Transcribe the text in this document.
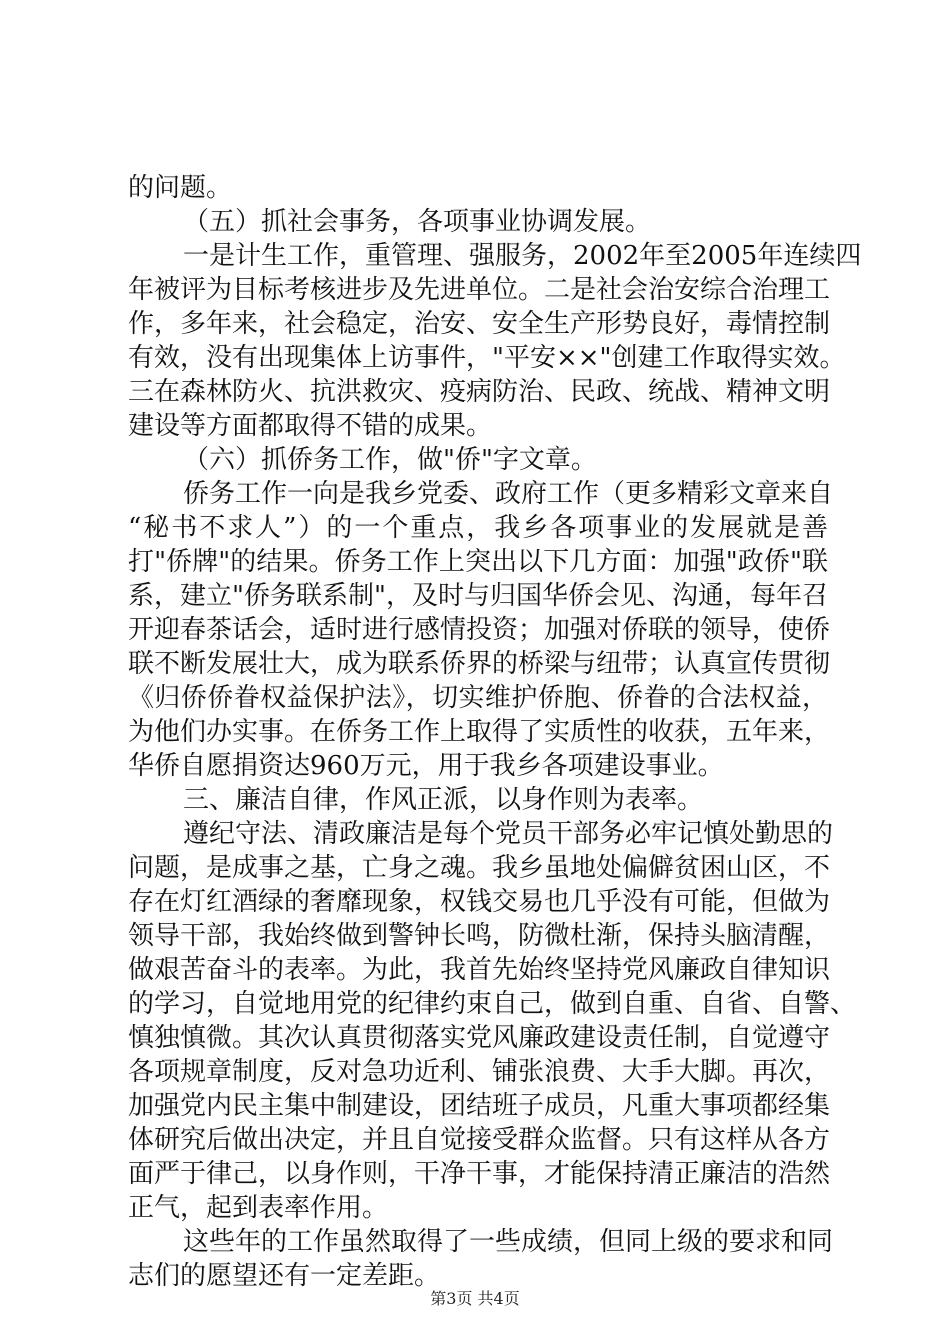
的问题。
（五）抓社会事务，各项事业协调发展。
一是计生工作，重管理、强服务，2002年至2005年连续四
年被评为目标考核进步及先进单位。二是社会治安综合治理工
作，多年来，社会稳定，治安、安全生产形势良好，毒情控制
有效，没有出现集体上访事件，"平安××"创建工作取得实效。
三在森林防火、抗洪救灾、疫病防治、民政、统战、精神文明
建设等方面都取得不错的成果。
（六）抓侨务工作，做"侨"字文章。
侨务工作一向是我乡党委、政府工作（更多精彩文章来自
“秘书不求人”）的一个重点，我乡各项事业的发展就是善
打"侨牌"的结果。侨务工作上突出以下几方面：加强"政侨"联
系，建立"侨务联系制"，及时与归国华侨会见、沟通，每年召
开迎春茶话会，适时进行感情投资；加强对侨联的领导，使侨
联不断发展壮大，成为联系侨界的桥梁与纽带；认真宣传贯彻
《归侨侨眷权益保护法》，切实维护侨胞、侨眷的合法权益，
为他们办实事。在侨务工作上取得了实质性的收获，五年来，
华侨自愿捐资达960万元，用于我乡各项建设事业。
三、廉洁自律，作风正派，以身作则为表率。
遵纪守法、清政廉洁是每个党员干部务必牢记慎处勤思的
问题，是成事之基，亡身之魂。我乡虽地处偏僻贫困山区，不
存在灯红酒绿的奢靡现象，权钱交易也几乎没有可能，但做为
领导干部，我始终做到警钟长鸣，防微杜渐，保持头脑清醒，
做艰苦奋斗的表率。为此，我首先始终坚持党风廉政自律知识
的学习，自觉地用党的纪律约束自己，做到自重、自省、自警、
慎独慎微。其次认真贯彻落实党风廉政建设责任制，自觉遵守
各项规章制度，反对急功近利、铺张浪费、大手大脚。再次，
加强党内民主集中制建设，团结班子成员，凡重大事项都经集
体研究后做出决定，并且自觉接受群众监督。只有这样从各方
面严于律己，以身作则，干净干事，才能保持清正廉洁的浩然
正气，起到表率作用。
这些年的工作虽然取得了一些成绩，但同上级的要求和同
志们的愿望还有一定差距。
第3页 共4页
